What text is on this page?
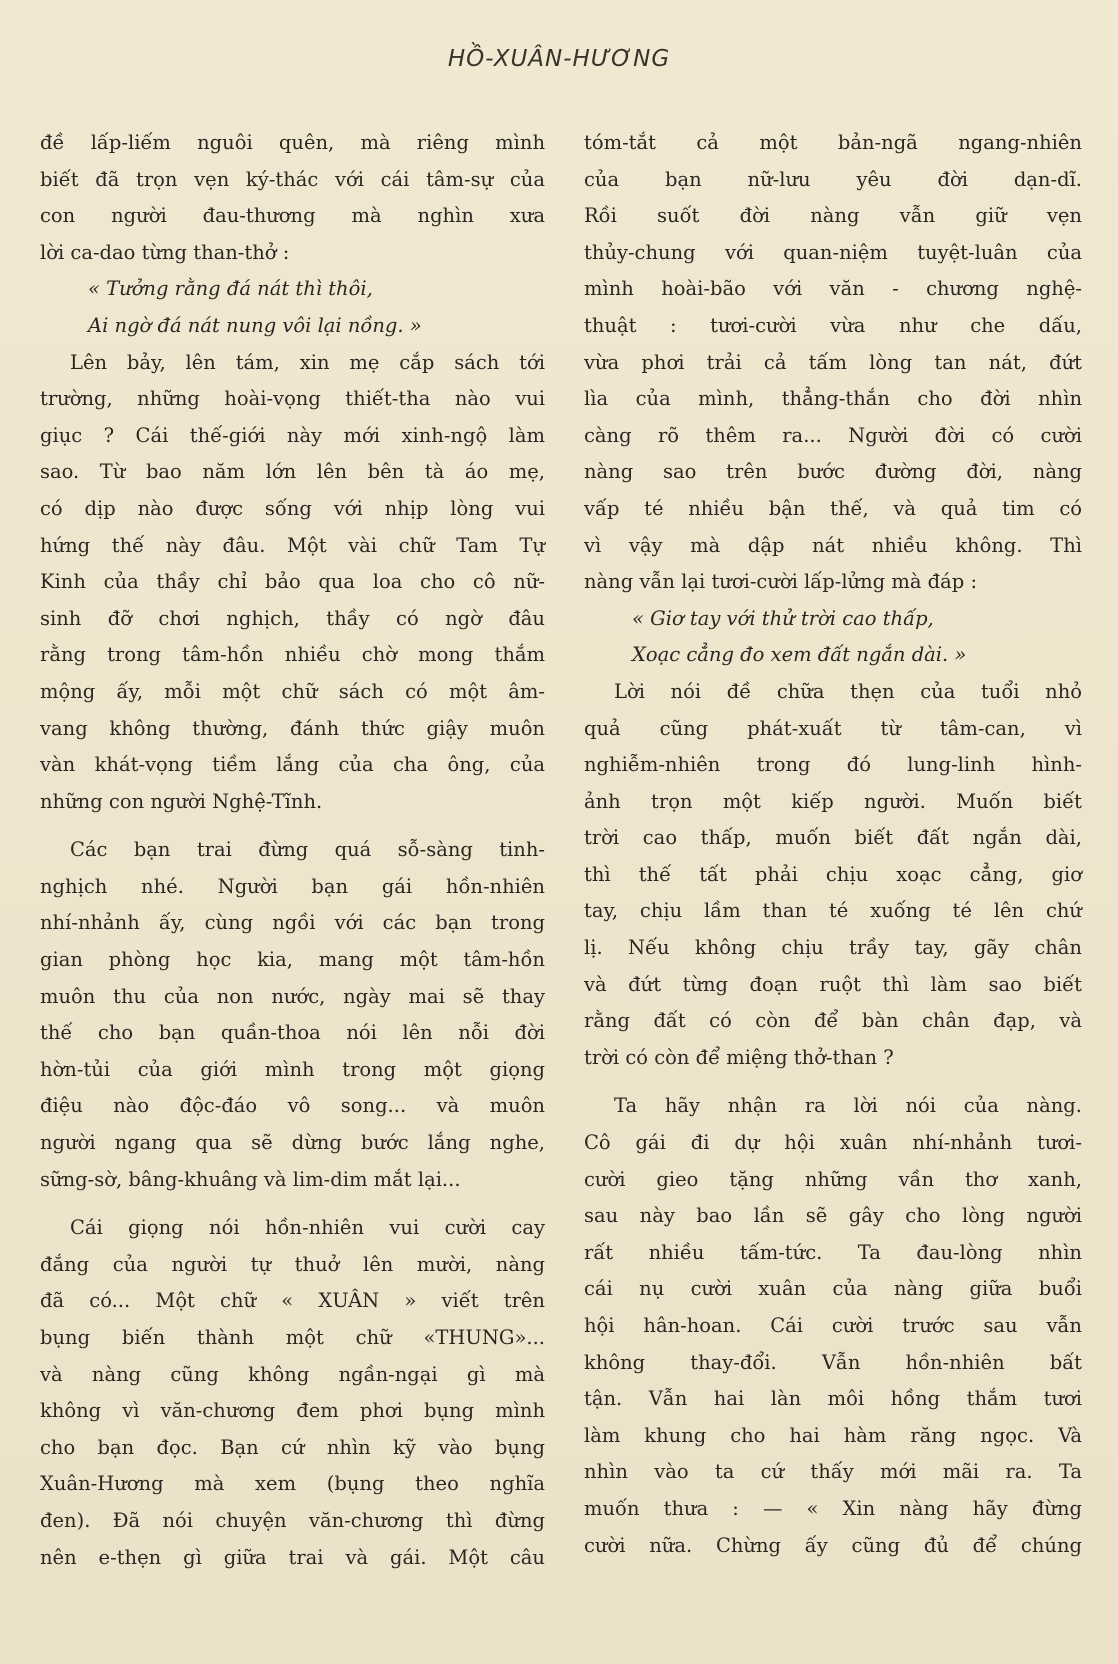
HỒ-XUÂN-HƯƠNG
đề lấp-liếm nguôi quên, mà riêng mình
biết đã trọn vẹn ký-thác với cái tâm-sự của
con người đau-thương mà nghìn xưa
lời ca-dao từng than-thở :
« Tưởng rằng đá nát thì thôi,
Ai ngờ đá nát nung vôi lại nồng. »
Lên bảy, lên tám, xin mẹ cắp sách tới
trường, những hoài-vọng thiết-tha nào vui
giục ? Cái thế-giới này mới xinh-ngộ làm
sao. Từ bao năm lớn lên bên tà áo mẹ,
có dịp nào được sống với nhịp lòng vui
hứng thế này đâu. Một vài chữ Tam Tự
Kinh của thầy chỉ bảo qua loa cho cô nữ-
sinh đỡ chơi nghịch, thầy có ngờ đâu
rằng trong tâm-hồn nhiều chờ mong thắm
mộng ấy, mỗi một chữ sách có một âm-
vang không thường, đánh thức giậy muôn
vàn khát-vọng tiềm lắng của cha ông, của
những con người Nghệ-Tĩnh.
Các bạn trai đừng quá sỗ-sàng tinh-
nghịch nhé. Người bạn gái hồn-nhiên
nhí-nhảnh ấy, cùng ngồi với các bạn trong
gian phòng học kia, mang một tâm-hồn
muôn thu của non nước, ngày mai sẽ thay
thế cho bạn quần-thoa nói lên nỗi đời
hờn-tủi của giới mình trong một giọng
điệu nào độc-đáo vô song... và muôn
người ngang qua sẽ dừng bước lắng nghe,
sững-sờ, bâng-khuâng và lim-dim mắt lại...
Cái giọng nói hồn-nhiên vui cười cay
đắng của người tự thuở lên mười, nàng
đã có... Một chữ « XUÂN » viết trên
bụng biến thành một chữ «THUNG»...
và nàng cũng không ngần-ngại gì mà
không vì văn-chương đem phơi bụng mình
cho bạn đọc. Bạn cứ nhìn kỹ vào bụng
Xuân-Hương mà xem (bụng theo nghĩa
đen). Đã nói chuyện văn-chương thì đừng
nên e-thẹn gì giữa trai và gái. Một câu
tóm-tắt cả một bản-ngã ngang-nhiên
của bạn nữ-lưu yêu đời dạn-dĩ.
Rồi suốt đời nàng vẫn giữ vẹn
thủy-chung với quan-niệm tuyệt-luân của
mình hoài-bão với văn - chương nghệ-
thuật : tươi-cười vừa như che dấu,
vừa phơi trải cả tấm lòng tan nát, đứt
lìa của mình, thẳng-thắn cho đời nhìn
càng rõ thêm ra... Người đời có cười
nàng sao trên bước đường đời, nàng
vấp té nhiều bận thế, và quả tim có
vì vậy mà dập nát nhiều không. Thì
nàng vẫn lại tươi-cười lấp-lửng mà đáp :
« Giơ tay với thử trời cao thấp,
Xoạc cẳng đo xem đất ngắn dài. »
Lời nói đề chữa thẹn của tuổi nhỏ
quả cũng phát-xuất từ tâm-can, vì
nghiễm-nhiên trong đó lung-linh hình-
ảnh trọn một kiếp người. Muốn biết
trời cao thấp, muốn biết đất ngắn dài,
thì thế tất phải chịu xoạc cẳng, giơ
tay, chịu lầm than té xuống té lên chứ
lị. Nếu không chịu trầy tay, gãy chân
và đứt từng đoạn ruột thì làm sao biết
rằng đất có còn để bàn chân đạp, và
trời có còn để miệng thở-than ?
Ta hãy nhận ra lời nói của nàng.
Cô gái đi dự hội xuân nhí-nhảnh tươi-
cười gieo tặng những vần thơ xanh,
sau này bao lần sẽ gây cho lòng người
rất nhiều tấm-tức. Ta đau-lòng nhìn
cái nụ cười xuân của nàng giữa buổi
hội hân-hoan. Cái cười trước sau vẫn
không thay-đổi. Vẫn hồn-nhiên bất
tận. Vẫn hai làn môi hồng thắm tươi
làm khung cho hai hàm răng ngọc. Và
nhìn vào ta cứ thấy mới mãi ra. Ta
muốn thưa : — « Xin nàng hãy đừng
cười nữa. Chừng ấy cũng đủ để chúng
